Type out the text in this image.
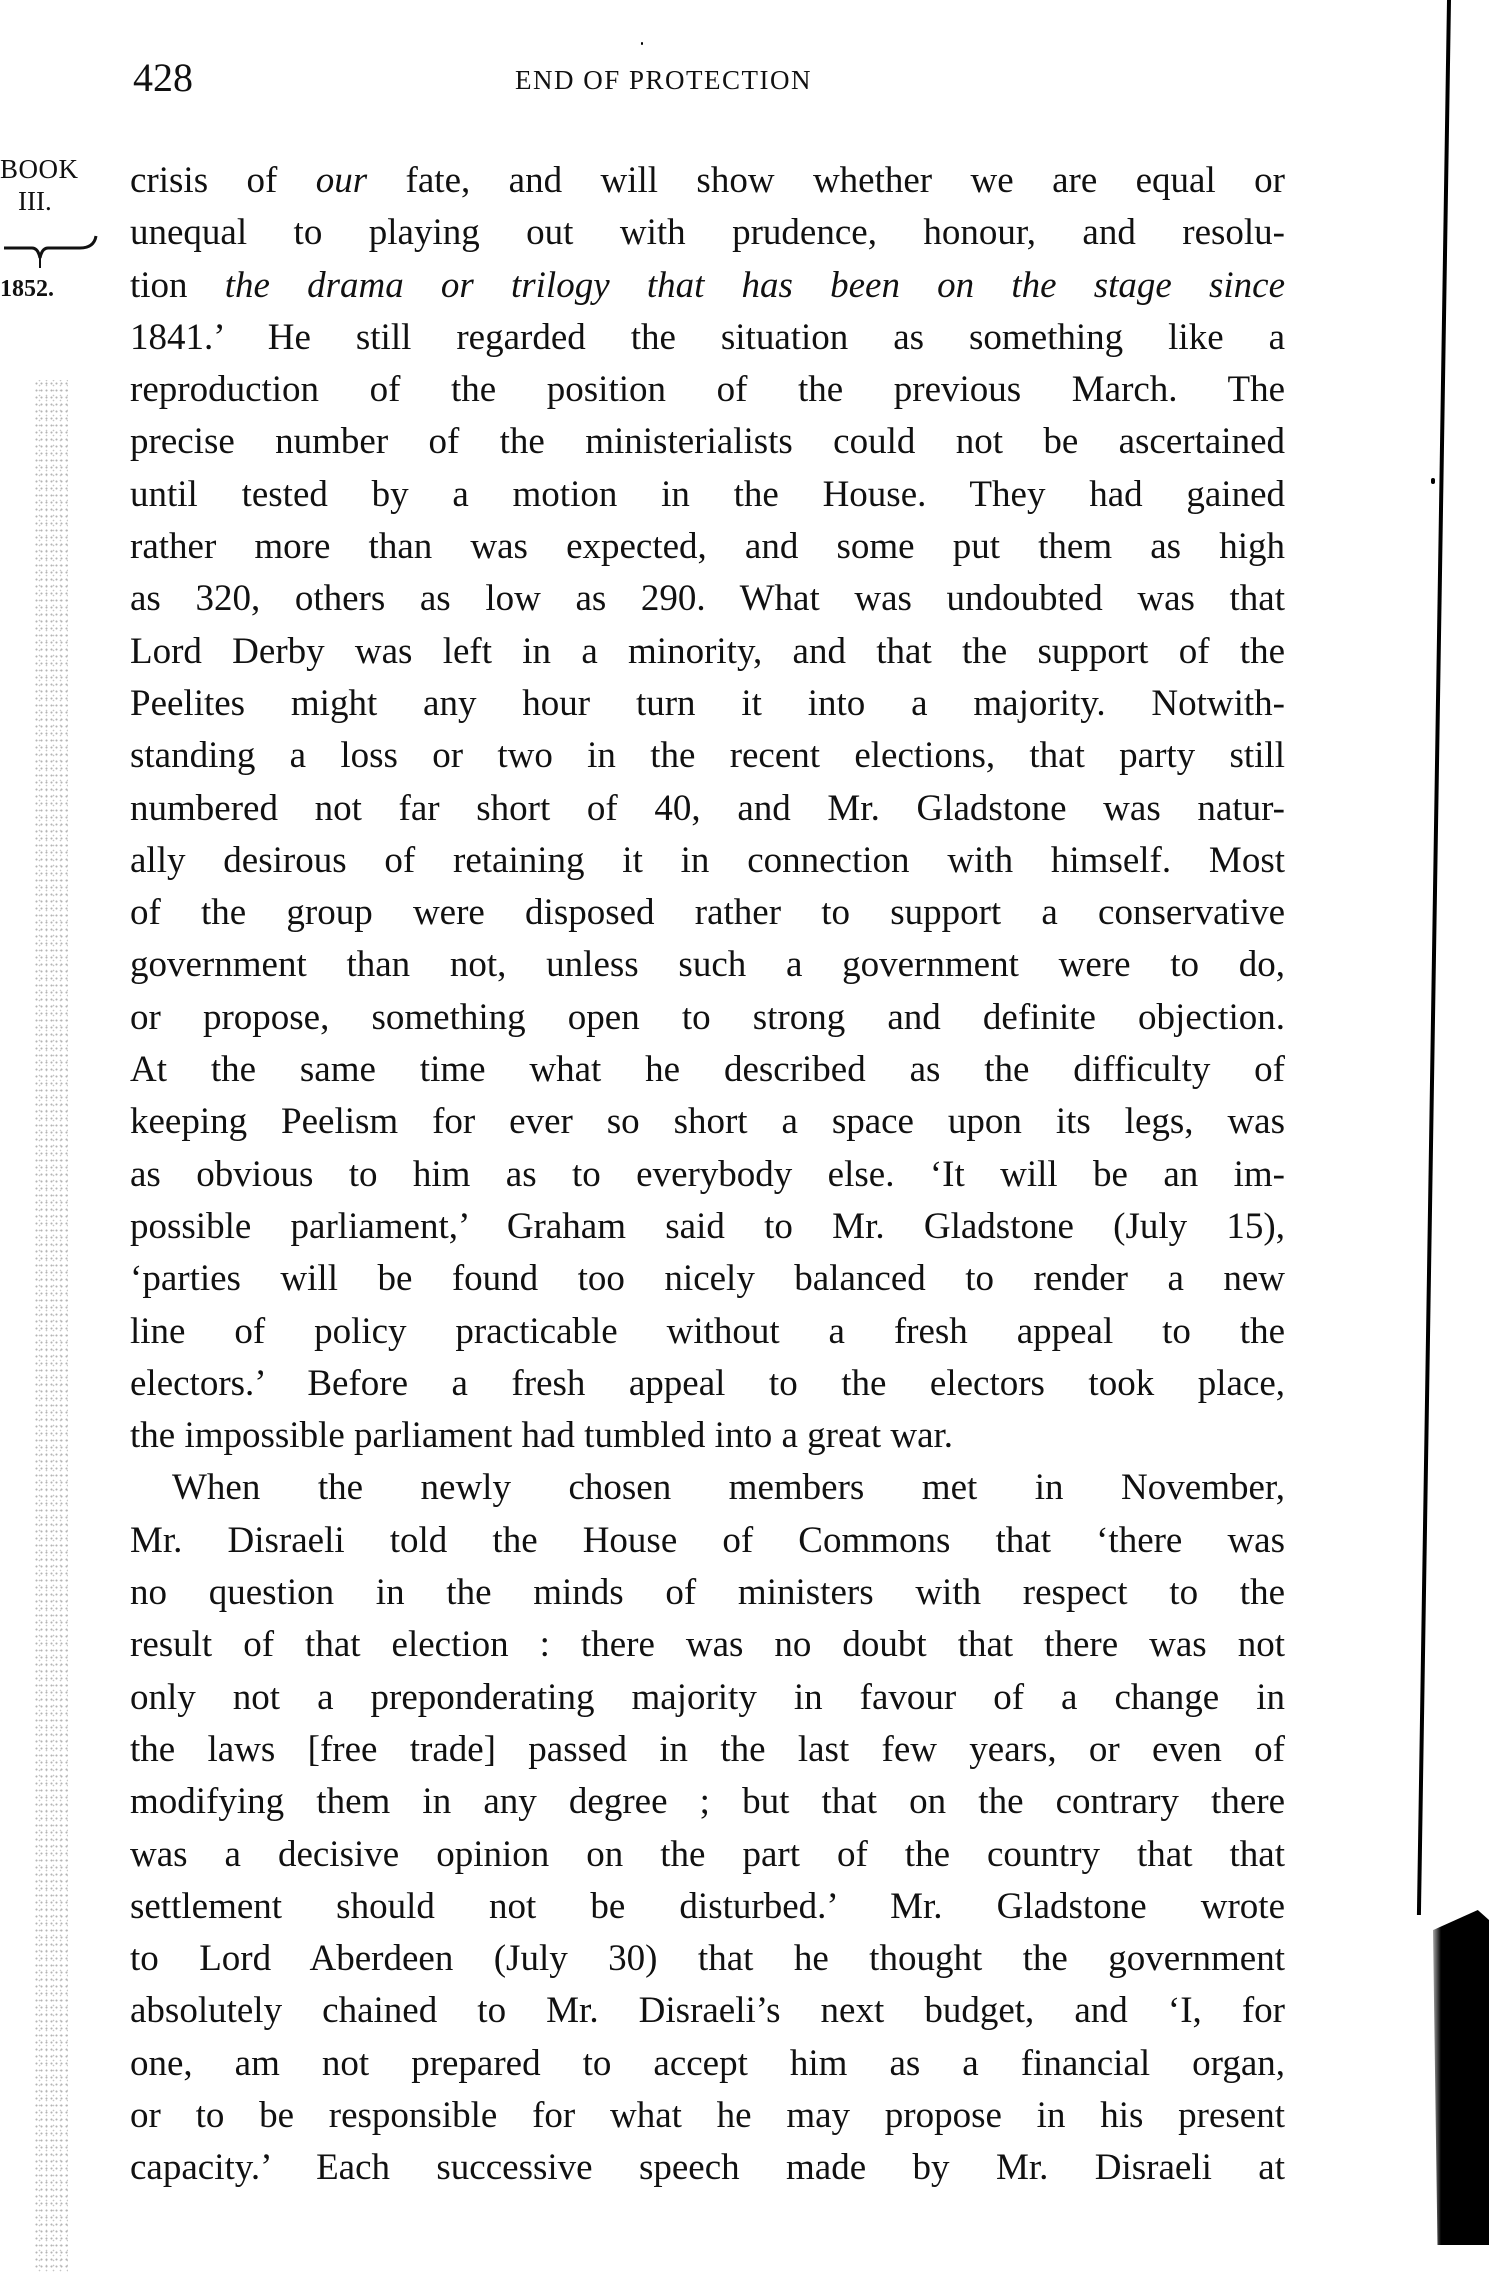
428	END OF PROTECTION
BOOK
III.
1852.
crisis of our fate, and will show whether we are equal or
unequal to playing out with prudence, honour, and resolu-
tion the drama or trilogy that has been on the stage since
1841.’ He still regarded the situation as something like a
reproduction of the position of the previous March. The
precise number of the ministerialists could not be ascertained
until tested by a motion in the House. They had gained
rather more than was expected, and some put them as high
as 320, others as low as 290. What was undoubted was that
Lord Derby was left in a minority, and that the support of the
Peelites might any hour turn it into a majority. Notwith-
standing a loss or two in the recent elections, that party still
numbered not far short of 40, and Mr. Gladstone was natur-
ally desirous of retaining it in connection with himself. Most
of the group were disposed rather to support a conservative
government than not, unless such a government were to do,
or propose, something open to strong and definite objection.
At the same time what he described as the difficulty of
keeping Peelism for ever so short a space upon its legs, was
as obvious to him as to everybody else. ‘It will be an im-
possible parliament,’ Graham said to Mr. Gladstone (July 15),
‘parties will be found too nicely balanced to render a new
line of policy practicable without a fresh appeal to the
electors.’ Before a fresh appeal to the electors took place,
the impossible parliament had tumbled into a great war.
When the newly chosen members met in November,
Mr. Disraeli told the House of Commons that ‘there was
no question in the minds of ministers with respect to the
result of that election : there was no doubt that there was not
only not a preponderating majority in favour of a change in
the laws [free trade] passed in the last few years, or even of
modifying them in any degree ; but that on the contrary there
was a decisive opinion on the part of the country that that
settlement should not be disturbed.’ Mr. Gladstone wrote
to Lord Aberdeen (July 30) that he thought the government
absolutely chained to Mr. Disraeli’s next budget, and ‘I, for
one, am not prepared to accept him as a financial organ,
or to be responsible for what he may propose in his present
capacity.’ Each successive speech made by Mr. Disraeli at
